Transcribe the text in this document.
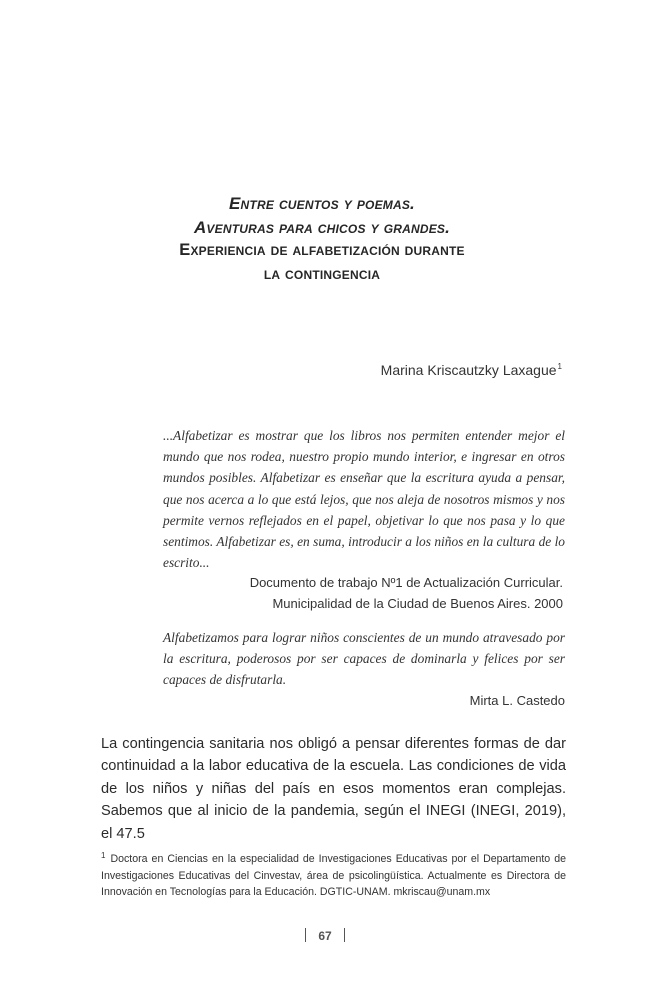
Entre cuentos y poemas.
Aventuras para chicos y grandes.
Experiencia de alfabetización durante
la contingencia
Marina Kriscautzky Laxague$^1$

...Alfabetizar es mostrar que los libros nos permiten entender mejor el mundo que nos rodea, nuestro propio mundo interior, e ingresar en otros mundos posibles. Alfabetizar es enseñar que la escritura ayuda a pensar, que nos acerca a lo que está lejos, que nos aleja de nosotros mismos y nos permite vernos reflejados en el papel, objetivar lo que nos pasa y lo que sentimos. Alfabetizar es, en suma, introducir a los niños en la cultura de lo escrito...

Documento de trabajo Nº1 de Actualización Curricular.
Municipalidad de la Ciudad de Buenos Aires. 2000

Alfabetizamos para lograr niños conscientes de un mundo atravesado por la escritura, poderosos por ser capaces de dominarla y felices por ser capaces de disfrutarla.

Mirta L. Castedo

La contingencia sanitaria nos obligó a pensar diferentes formas de dar continuidad a la labor educativa de la escuela. Las condiciones de vida de los niños y niñas del país en esos momentos eran complejas. Sabemos que al inicio de la pandemia, según el INEGI (INEGI, 2019), el 47.5

$^1$ Doctora en Ciencias en la especialidad de Investigaciones Educativas por el Departamento de Investigaciones Educativas del Cinvestav, área de psicolingüística. Actualmente es Directora de Innovación en Tecnologías para la Educación. DGTIC-UNAM. mkriscau@unam.mx

67
